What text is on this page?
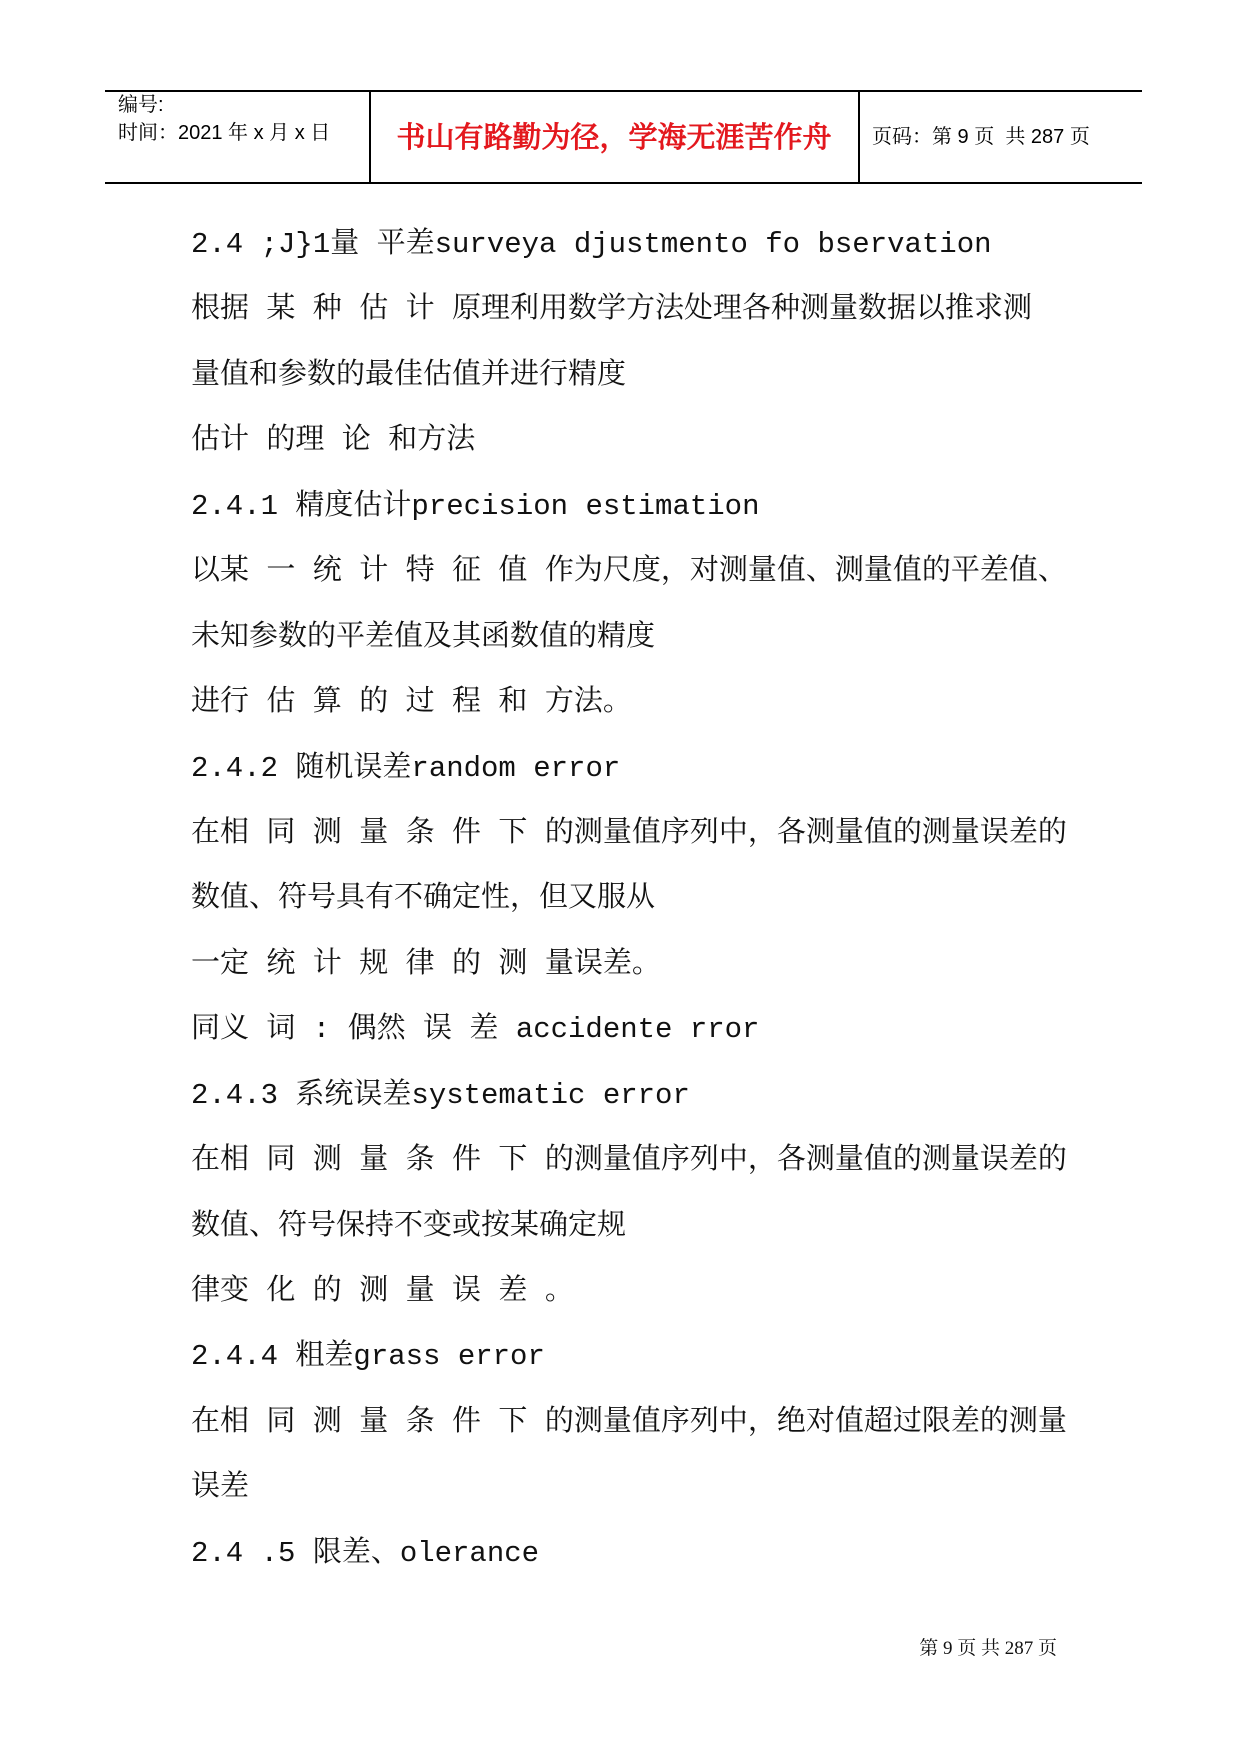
编号:
时间：2021 年 x 月 x 日 书山有路勤为径，学海无涯苦作舟 页码：第 9 页  共 287 页
2.4 ;J}1量 平差surveya djustmento fo bservation
根据 某 种 估 计 原理利用数学方法处理各种测量数据以推求测
量值和参数的最佳估值并进行精度
估计 的理 论 和方法
2.4.1 精度估计precision estimation
以某 一 统 计 特 征 值 作为尺度，对测量值、测量值的平差值、
未知参数的平差值及其函数值的精度
进行 估 算 的 过 程 和 方法。
2.4.2 随机误差random error
在相 同 测 量 条 件 下 的测量值序列中，各测量值的测量误差的
数值、符号具有不确定性，但又服从
一定 统 计 规 律 的 测 量误差。
同义 词 : 偶然 误 差 accidente rror
2.4.3 系统误差systematic error
在相 同 测 量 条 件 下 的测量值序列中，各测量值的测量误差的
数值、符号保持不变或按某确定规
律变 化 的 测 量 误 差 。
2.4.4 粗差grass error
在相 同 测 量 条 件 下 的测量值序列中，绝对值超过限差的测量
误差
2.4 .5 限差、olerance
第 9 页 共 287 页
